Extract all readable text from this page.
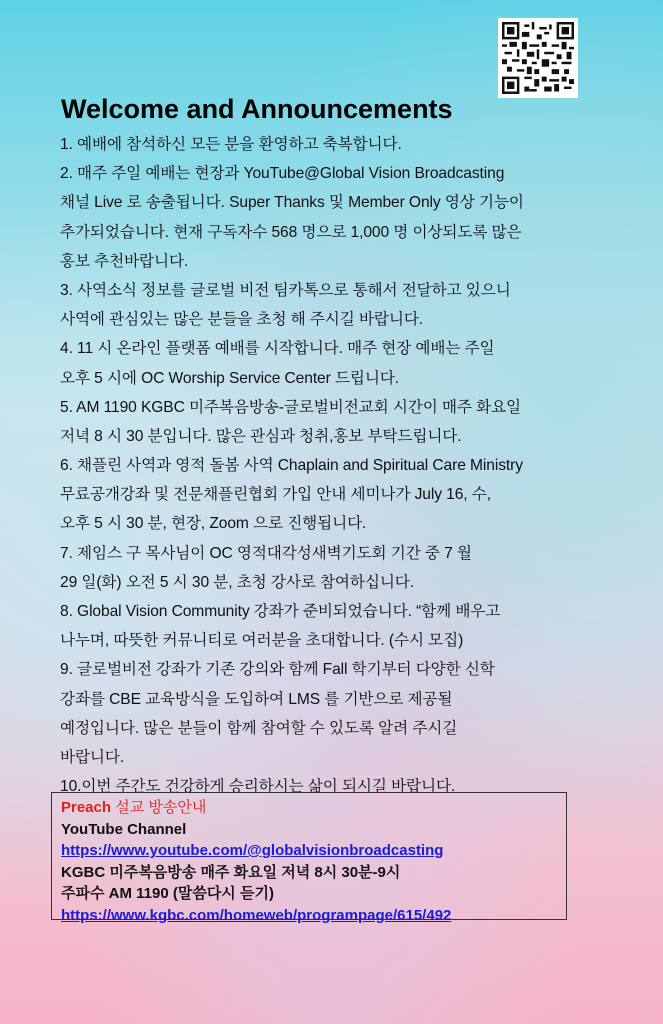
Welcome and Announcements
1. 예배에 참석하신 모든 분을 환영하고 축복합니다.
2. 매주 주일 예배는 현장과 YouTube@Global Vision Broadcasting
채널 Live 로 송출됩니다. Super Thanks 및 Member Only 영상 기능이
추가되었습니다. 현재 구독자수 568 명으로 1,000 명 이상되도록 많은
홍보 추천바랍니다.
3. 사역소식 정보를 글로벌 비전 팀카톡으로 통해서 전달하고 있으니
사역에 관심있는 많은 분들을 초청 해 주시길 바랍니다.
4. 11 시 온라인 플랫폼 예배를 시작합니다. 매주 현장 예배는 주일
오후 5 시에 OC Worship Service Center 드립니다.
5. AM 1190 KGBC 미주복음방송-글로벌비전교회 시간이 매주 화요일
저녁 8 시 30 분입니다. 많은 관심과 청취,홍보 부탁드립니다.
6. 채플린 사역과 영적 돌봄 사역 Chaplain and Spiritual Care Ministry
무료공개강좌 및 전문채플린협회 가입 안내 세미나가 July 16, 수,
오후 5 시 30 분, 현장, Zoom 으로 진행됩니다.
7. 제임스 구 목사님이 OC 영적대각성새벽기도회 기간 중 7 월
29 일(화) 오전 5 시 30 분, 초청 강사로 참여하십니다.
8. Global Vision Community 강좌가 준비되었습니다. “함께 배우고
나누며, 따뜻한 커뮤니티로 여러분을 초대합니다. (수시 모집)
9. 글로벌비전 강좌가 기존 강의와 함께 Fall 학기부터 다양한 신학
강좌를 CBE 교육방식을 도입하여 LMS 를 기반으로 제공될
예정입니다. 많은 분들이 함께 참여할 수 있도록 알려 주시길
바랍니다.
10.이번 주간도 건강하게 승리하시는 삶이 되시길 바랍니다.
Preach 설교 방송안내
YouTube Channel
https://www.youtube.com/@globalvisionbroadcasting
KGBC 미주복음방송 매주 화요일 저녁 8시 30분-9시
주파수 AM 1190 (말씀다시 듣기)
https://www.kgbc.com/homeweb/programpage/615/492
